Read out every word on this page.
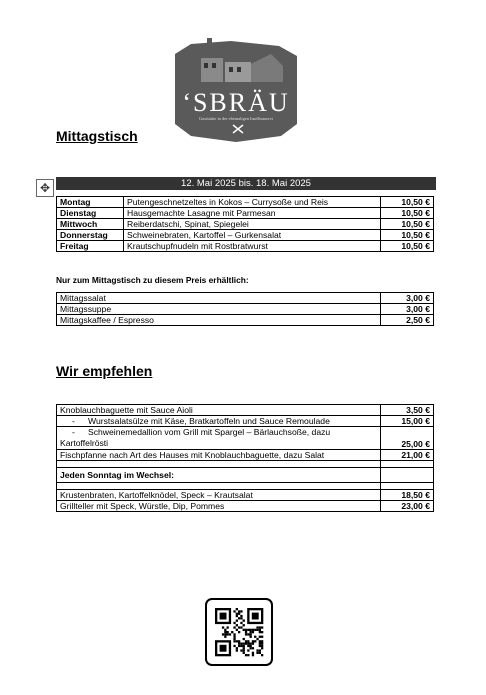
‘SBRÄU
Gaststätte in der ehemaligen Inselbrauerei
Mittagstisch
✥	12. Mai 2025 bis. 18. Mai 2025
Montag	Putengeschnetzeltes in Kokos – Currysoße und Reis	10,50 €
Dienstag	Hausgemachte Lasagne mit Parmesan	10,50 €
Mittwoch	Reiberdatschi, Spinat, Spiegelei	10,50 €
Donnerstag	Schweinebraten, Kartoffel – Gurkensalat	10,50 €
Freitag	Krautschupfnudeln mit Rostbratwurst	10,50 €

Nur zum Mittagstisch zu diesem Preis erhältlich:

Mittagssalat	3,00 €
Mittagssuppe	3,00 €
Mittagskaffee / Espresso	2,50 €
Wir empfehlen
Knoblauchbaguette mit Sauce Aioli	3,50 €
- Wurstsalatsülze mit Käse, Bratkartoffeln und Sauce Remoulade	15,00 €
- Schweinemedallion vom Grill mit Spargel – Bärlauchsoße, dazu Kartoffelrösti	25,00 €
Fischpfanne nach Art des Hauses mit Knoblauchbaguette, dazu Salat	21,00 €

Jeden Sonntag im Wechsel:	

Krustenbraten, Kartoffelknödel, Speck – Krautsalat	18,50 €
Grillteller mit Speck, Würstle, Dip, Pommes	23,00 €
